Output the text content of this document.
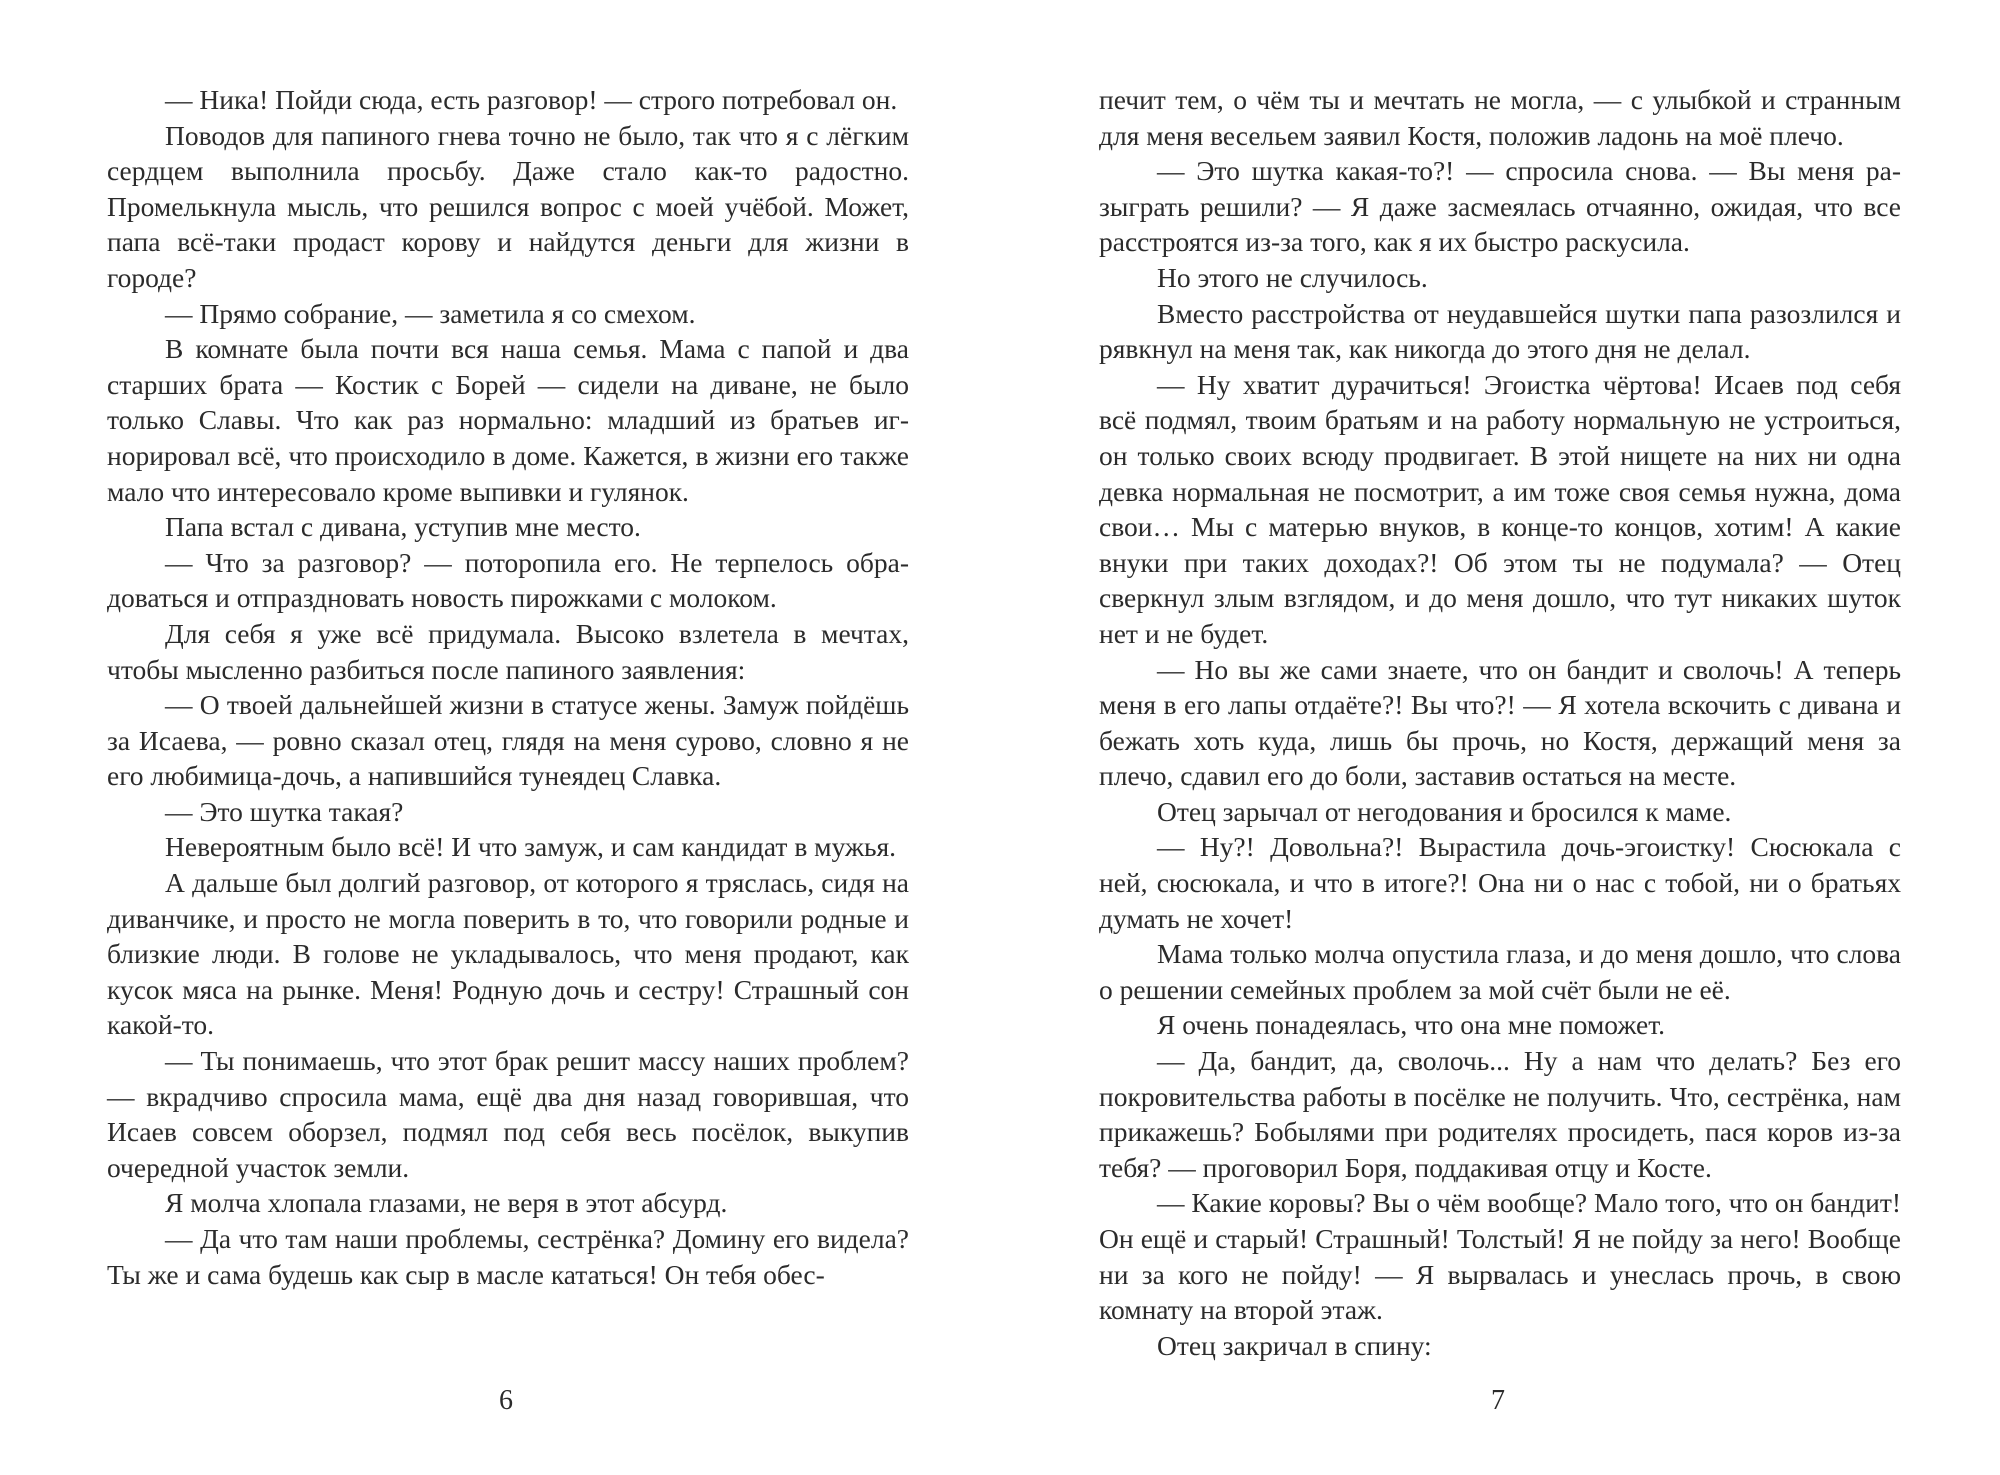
— Ника! Пойди сюда, есть разговор! — строго потребовал он.

Поводов для папиного гнева точно не было, так что я с лёгким сердцем выполнила просьбу. Даже стало как-то радостно. Промелькнула мысль, что решился вопрос с моей учёбой. Может, папа всё-таки продаст корову и найдутся деньги для жизни в городе?

— Прямо собрание, — заметила я со смехом.

В комнате была почти вся наша семья. Мама с папой и два старших брата — Костик с Борей — сидели на диване, не было только Славы. Что как раз нормально: младший из братьев игнорировал всё, что происходило в доме. Кажется, в жизни его также мало что интересовало кроме выпивки и гулянок.

Папа встал с дивана, уступив мне место.

— Что за разговор? — поторопила его. Не терпелось обрадоваться и отпраздновать новость пирожками с молоком.

Для себя я уже всё придумала. Высоко взлетела в мечтах, чтобы мысленно разбиться после папиного заявления:

— О твоей дальнейшей жизни в статусе жены. Замуж пойдёшь за Исаева, — ровно сказал отец, глядя на меня сурово, словно я не его любимица-дочь, а напившийся тунеядец Славка.

— Это шутка такая?

Невероятным было всё! И что замуж, и сам кандидат в мужья.

А дальше был долгий разговор, от которого я тряслась, сидя на диванчике, и просто не могла поверить в то, что говорили родные и близкие люди. В голове не укладывалось, что меня продают, как кусок мяса на рынке. Меня! Родную дочь и сестру! Страшный сон какой-то.

— Ты понимаешь, что этот брак решит массу наших проблем? — вкрадчиво спросила мама, ещё два дня назад говорившая, что Исаев совсем оборзел, подмял под себя весь посёлок, выкупив очередной участок земли.

Я молча хлопала глазами, не веря в этот абсурд.

— Да что там наши проблемы, сестрёнка? Домину его видела? Ты же и сама будешь как сыр в масле кататься! Он тебя обес-

6

печит тем, о чём ты и мечтать не могла, — с улыбкой и странным для меня весельем заявил Костя, положив ладонь на моё плечо.

— Это шутка какая-то?! — спросила снова. — Вы меня разыграть решили? — Я даже засмеялась отчаянно, ожидая, что все расстроятся из-за того, как я их быстро раскусила.

Но этого не случилось.

Вместо расстройства от неудавшейся шутки папа разозлился и рявкнул на меня так, как никогда до этого дня не делал.

— Ну хватит дурачиться! Эгоистка чёртова! Исаев под себя всё подмял, твоим братьям и на работу нормальную не устроиться, он только своих всюду продвигает. В этой нищете на них ни одна девка нормальная не посмотрит, а им тоже своя семья нужна, дома свои… Мы с матерью внуков, в конце-то концов, хотим! А какие внуки при таких доходах?! Об этом ты не подумала? — Отец сверкнул злым взглядом, и до меня дошло, что тут никаких шуток нет и не будет.

— Но вы же сами знаете, что он бандит и сволочь! А теперь меня в его лапы отдаёте?! Вы что?! — Я хотела вскочить с дивана и бежать хоть куда, лишь бы прочь, но Костя, держащий меня за плечо, сдавил его до боли, заставив остаться на месте.

Отец зарычал от негодования и бросился к маме.

— Ну?! Довольна?! Вырастила дочь-эгоистку! Сюсюкала с ней, сюсюкала, и что в итоге?! Она ни о нас с тобой, ни о братьях думать не хочет!

Мама только молча опустила глаза, и до меня дошло, что слова о решении семейных проблем за мой счёт были не её.

Я очень понадеялась, что она мне поможет.

— Да, бандит, да, сволочь... Ну а нам что делать? Без его покровительства работы в посёлке не получить. Что, сестрёнка, нам прикажешь? Бобылями при родителях просидеть, пася коров из-за тебя? — проговорил Боря, поддакивая отцу и Косте.

— Какие коровы? Вы о чём вообще? Мало того, что он бандит! Он ещё и старый! Страшный! Толстый! Я не пойду за него! Вообще ни за кого не пойду! — Я вырвалась и унеслась прочь, в свою комнату на второй этаж.

Отец закричал в спину:

7
